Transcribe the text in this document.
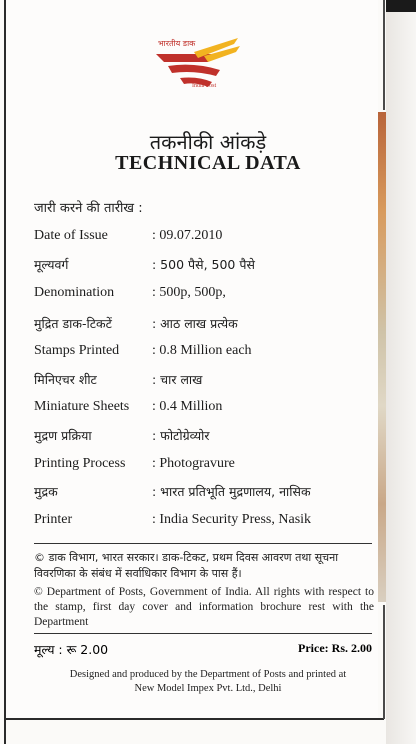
भारतीय डाक
India Post
तकनीकी आंकड़े
TECHNICAL DATA
जारी करने की तारीख :
Date of Issue	: 09.07.2010
मूल्यवर्ग	: 500 पैसे, 500 पैसे
Denomination	: 500p, 500p,
मुद्रित डाक-टिकटें	: आठ लाख प्रत्येक
Stamps Printed : 0.8 Million each
मिनिएचर शीट	: चार लाख
Miniature Sheets : 0.4 Million
मुद्रण प्रक्रिया	: फोटोग्रेव्योर
Printing Process : Photogravure
मुद्रक	: भारत प्रतिभूति मुद्रणालय, नासिक
Printer	: India Security Press, Nasik
© डाक विभाग, भारत सरकार। डाक-टिकट, प्रथम दिवस आवरण तथा सूचना
विवरणिका के संबंध में सर्वाधिकार विभाग के पास हैं।
© Department of Posts, Government of India. All rights with respect to the stamp, first day cover and information brochure rest with the Department
मूल्य : रू 2.00	Price: Rs. 2.00
Designed and produced by the Department of Posts and printed at
New Model Impex Pvt. Ltd., Delhi
